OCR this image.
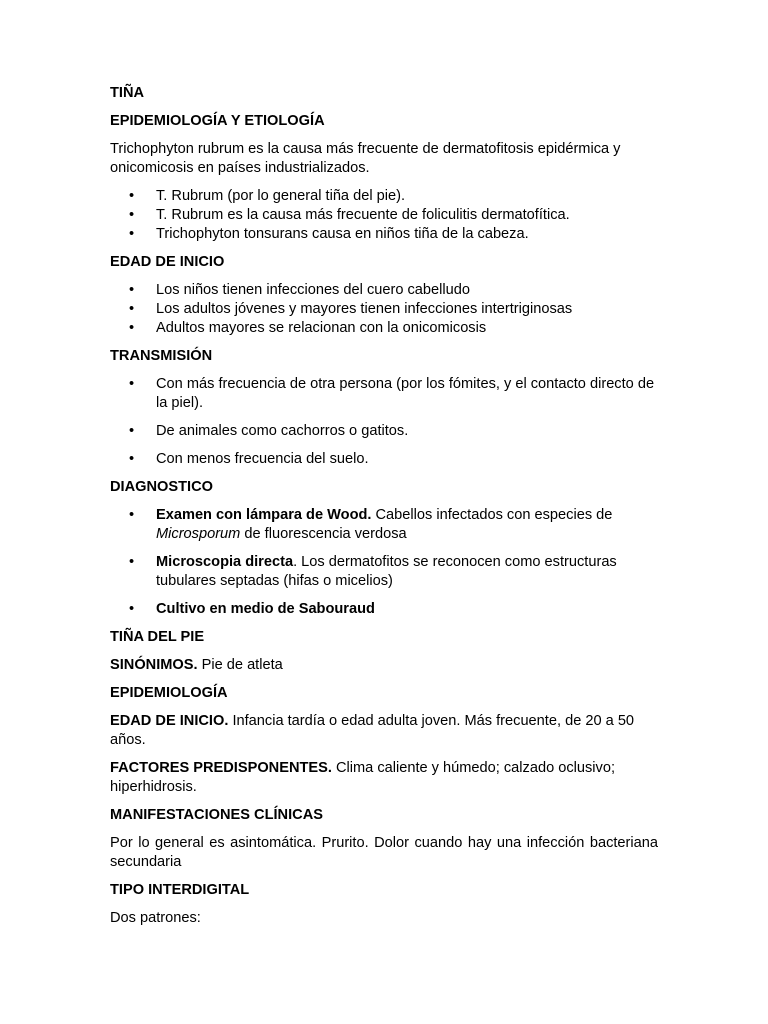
TIÑA
EPIDEMIOLOGÍA Y ETIOLOGÍA

Trichophyton rubrum es la causa más frecuente de dermatofitosis epidérmica y onicomicosis en países industrializados.

• T. Rubrum (por lo general tiña del pie).
• T. Rubrum es la causa más frecuente de foliculitis dermatofítica.
• Trichophyton tonsurans causa en niños tiña de la cabeza.
EDAD DE INICIO
• Los niños tienen infecciones del cuero cabelludo
• Los adultos jóvenes y mayores tienen infecciones intertriginosas
• Adultos mayores se relacionan con la onicomicosis
TRANSMISIÓN
• Con más frecuencia de otra persona (por los fómites, y el contacto directo de la piel).
• De animales como cachorros o gatitos.
• Con menos frecuencia del suelo.
DIAGNOSTICO
• Examen con lámpara de Wood. Cabellos infectados con especies de Microsporum de fluorescencia verdosa
• Microscopia directa. Los dermatofitos se reconocen como estructuras tubulares septadas (hifas o micelios)
• Cultivo en medio de Sabouraud
TIÑA DEL PIE

SINÓNIMOS. Pie de atleta

EPIDEMIOLOGÍA

EDAD DE INICIO. Infancia tardía o edad adulta joven. Más frecuente, de 20 a 50 años.

FACTORES PREDISPONENTES. Clima caliente y húmedo; calzado oclusivo; hiperhidrosis.

MANIFESTACIONES CLÍNICAS

Por lo general es asintomática. Prurito. Dolor cuando hay una infección bacteriana secundaria

TIPO INTERDIGITAL

Dos patrones:
